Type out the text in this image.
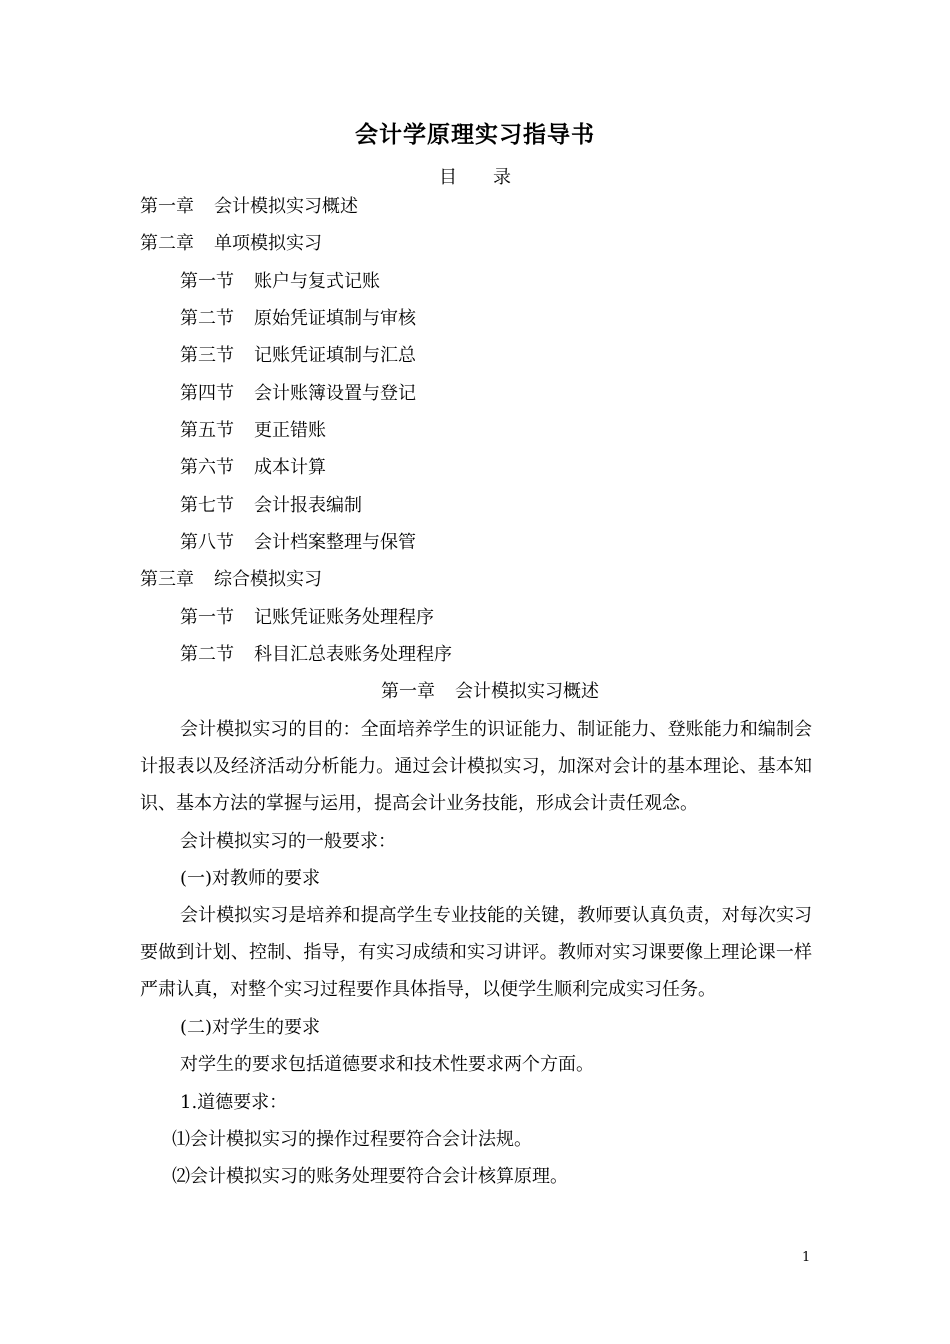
会计学原理实习指导书
目 录
第一章 会计模拟实习概述
第二章 单项模拟实习
第一节 账户与复式记账
第二节 原始凭证填制与审核
第三节 记账凭证填制与汇总
第四节 会计账簿设置与登记
第五节 更正错账
第六节 成本计算
第七节 会计报表编制
第八节 会计档案整理与保管
第三章 综合模拟实习
第一节 记账凭证账务处理程序
第二节 科目汇总表账务处理程序
第一章 会计模拟实习概述
会计模拟实习的目的：全面培养学生的识证能力、制证能力、登账能力和编制会计报表以及经济活动分析能力。通过会计模拟实习，加深对会计的基本理论、基本知识、基本方法的掌握与运用，提高会计业务技能，形成会计责任观念。
会计模拟实习的一般要求：
(一)对教师的要求
会计模拟实习是培养和提高学生专业技能的关键，教师要认真负责，对每次实习要做到计划、控制、指导，有实习成绩和实习讲评。教师对实习课要像上理论课一样严肃认真，对整个实习过程要作具体指导，以便学生顺利完成实习任务。
(二)对学生的要求
对学生的要求包括道德要求和技术性要求两个方面。
1.道德要求：
⑴会计模拟实习的操作过程要符合会计法规。
⑵会计模拟实习的账务处理要符合会计核算原理。
1
